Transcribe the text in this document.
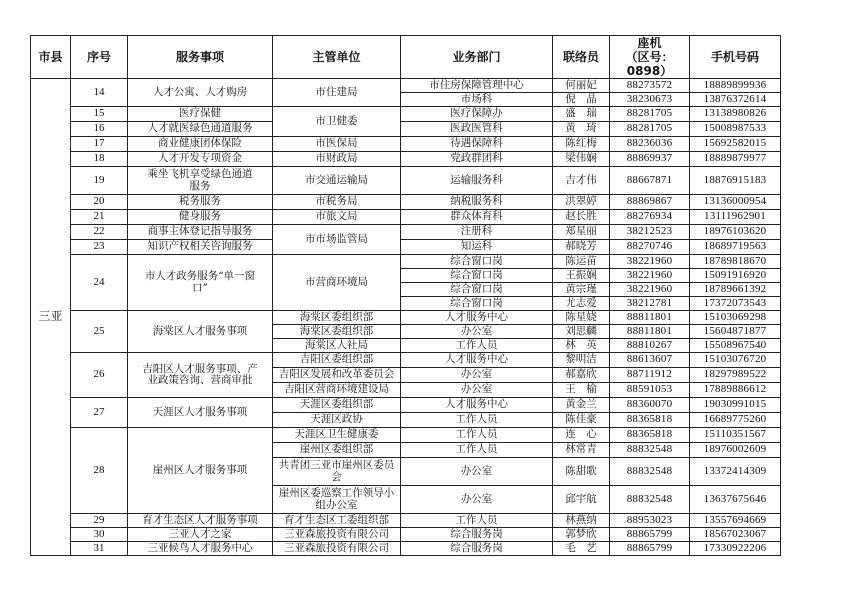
市县	序号	服务事项	主管单位	业务部门	联络员	座机
（区号：0898）	手机号码
三亚	14	人才公寓、人才购房	市住建局	市住房保障管理中心	何丽妃	88273572	18889899936
				市场科	倪　晶	38230673	13876372614
	15	医疗保健	市卫健委	医疗保障办	盛　瑞	88281705	13138980826
	16	人才就医绿色通道服务		医政医管科	黄　琦	88281705	15008987533
	17	商业健康团体保险	市医保局	待遇保障科	陈红梅	88236036	15692582015
	18	人才开发专项资金	市财政局	党政群团科	梁伟娴	88869937	18889879977
	19	乘坐飞机享受绿色通道
服务	市交通运输局	运输服务科	吉才伟	88667871	18876915183
	20	税务服务	市税务局	纳税服务科	洪翠婷	88869867	13136000954
	21	健身服务	市旅文局	群众体育科	赵长胜	88276934	13111962901
	22	商事主体登记指导服务	市市场监管局	注册科	郑星丽	38212523	18976103620
	23	知识产权相关咨询服务		知运科	郝晓芳	88270746	18689719563
	24	市人才政务服务“单一窗
口”	市营商环境局	综合窗口岗	陈运苗	38221960	18789818670
				综合窗口岗	王振娴	38221960	15091916920
				综合窗口岗	黄宗瑾	38221960	18789661392
				综合窗口岗	尤志爱	38212781	17372073543
	25	海棠区人才服务事项	海棠区委组织部	人才服务中心	陈星娆	88811801	15103069298
			海棠区委组织部	办公室	刘思麟	88811801	15604871877
			海棠区人社局	工作人员	林　英	88810267	15508967540
	26	吉阳区人才服务事项、产
业政策咨询、营商审批	吉阳区委组织部	人才服务中心	黎明洁	88613607	15103076720
			吉阳区发展和改革委员会	办公室	郝嘉欣	88711912	18297989522
			吉阳区营商环境建设局	办公室	王　榆	88591053	17889886612
	27	天涯区人才服务事项	天涯区委组织部	人才服务中心	黄金兰	88360070	19030991015
			天涯区政协	工作人员	陈佳豪	88365818	16689775260
	28	崖州区人才服务事项	天涯区卫生健康委	工作人员	连　心	88365818	15110351567
			崖州区委组织部	工作人员	林常青	88832548	18976002609

			共青团三亚市崖州区委员
会	办公室	陈甜歌	88832548	13372414309

			崖州区委巡察工作领导小
组办公室	办公室	邱宇航	88832548	13637675646
	29	育才生态区人才服务事项	育才生态区工委组织部	工作人员	林燕纳	88953023	13557694669
	30	三亚人才之家	三亚森旅投资有限公司	综合服务岗	郭梦欣	88865799	18567023067
	31	三亚候鸟人才服务中心	三亚森旅投资有限公司	综合服务岗	毛　艺	88865799	17330922206
